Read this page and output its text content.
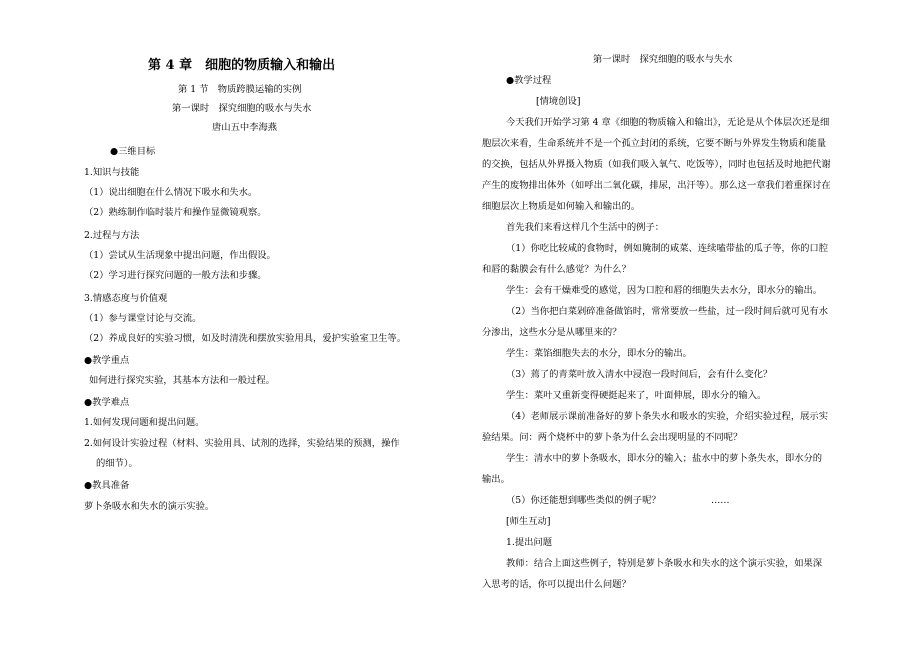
第 4 章　细胞的物质输入和输出
第 1 节　物质跨膜运输的实例
第一课时　探究细胞的吸水与失水
唐山五中李海燕
●三维目标
1.知识与技能
（1）说出细胞在什么情况下吸水和失水。
（2）熟练制作临时装片和操作显微镜观察。
2.过程与方法
（1）尝试从生活现象中提出问题，作出假设。
（2）学习进行探究问题的一般方法和步骤。
3.情感态度与价值观
（1）参与课堂讨论与交流。
（2）养成良好的实验习惯，如及时清洗和摆放实验用具，爱护实验室卫生等。
●教学重点
如何进行探究实验，其基本方法和一般过程。
●教学难点
1.如何发现问题和提出问题。
2.如何设计实验过程（材料、实验用具、试剂的选择，实验结果的预测，操作
的细节）。
●教具准备
萝卜条吸水和失水的演示实验。
第一课时　探究细胞的吸水与失水
●教学过程
[情境创设]
今天我们开始学习第 4 章《细胞的物质输入和输出》，无论是从个体层次还是细
胞层次来看，生命系统并不是一个孤立封闭的系统，它要不断与外界发生物质和能量
的交换，包括从外界摄入物质（如我们吸入氧气、吃饭等），同时也包括及时地把代谢
产生的废物排出体外（如呼出二氧化碳，排尿，出汗等）。那么这一章我们着重探讨在
细胞层次上物质是如何输入和输出的。
首先我们来看这样几个生活中的例子：
（1）你吃比较咸的食物时，例如腌制的咸菜、连续嗑带盐的瓜子等，你的口腔
和唇的黏膜会有什么感觉？为什么？
学生：会有干燥难受的感觉，因为口腔和唇的细胞失去水分，即水分的输出。
（2）当你把白菜剁碎准备做馅时，常常要放一些盐，过一段时间后就可见有水
分渗出，这些水分是从哪里来的？
学生：菜馅细胞失去的水分，即水分的输出。
（3）蔫了的青菜叶放入清水中浸泡一段时间后，会有什么变化？
学生：菜叶又重新变得硬挺起来了，叶面伸展，即水分的输入。
（4）老师展示课前准备好的萝卜条失水和吸水的实验，介绍实验过程，展示实
验结果。问：两个烧杯中的萝卜条为什么会出现明显的不同呢？
学生：清水中的萝卜条吸水，即水分的输入；盐水中的萝卜条失水，即水分的
输出。
（5）你还能想到哪些类似的例子呢？	……
[师生互动]
1.提出问题
教师：结合上面这些例子，特别是萝卜条吸水和失水的这个演示实验，如果深
入思考的话，你可以提出什么问题？
